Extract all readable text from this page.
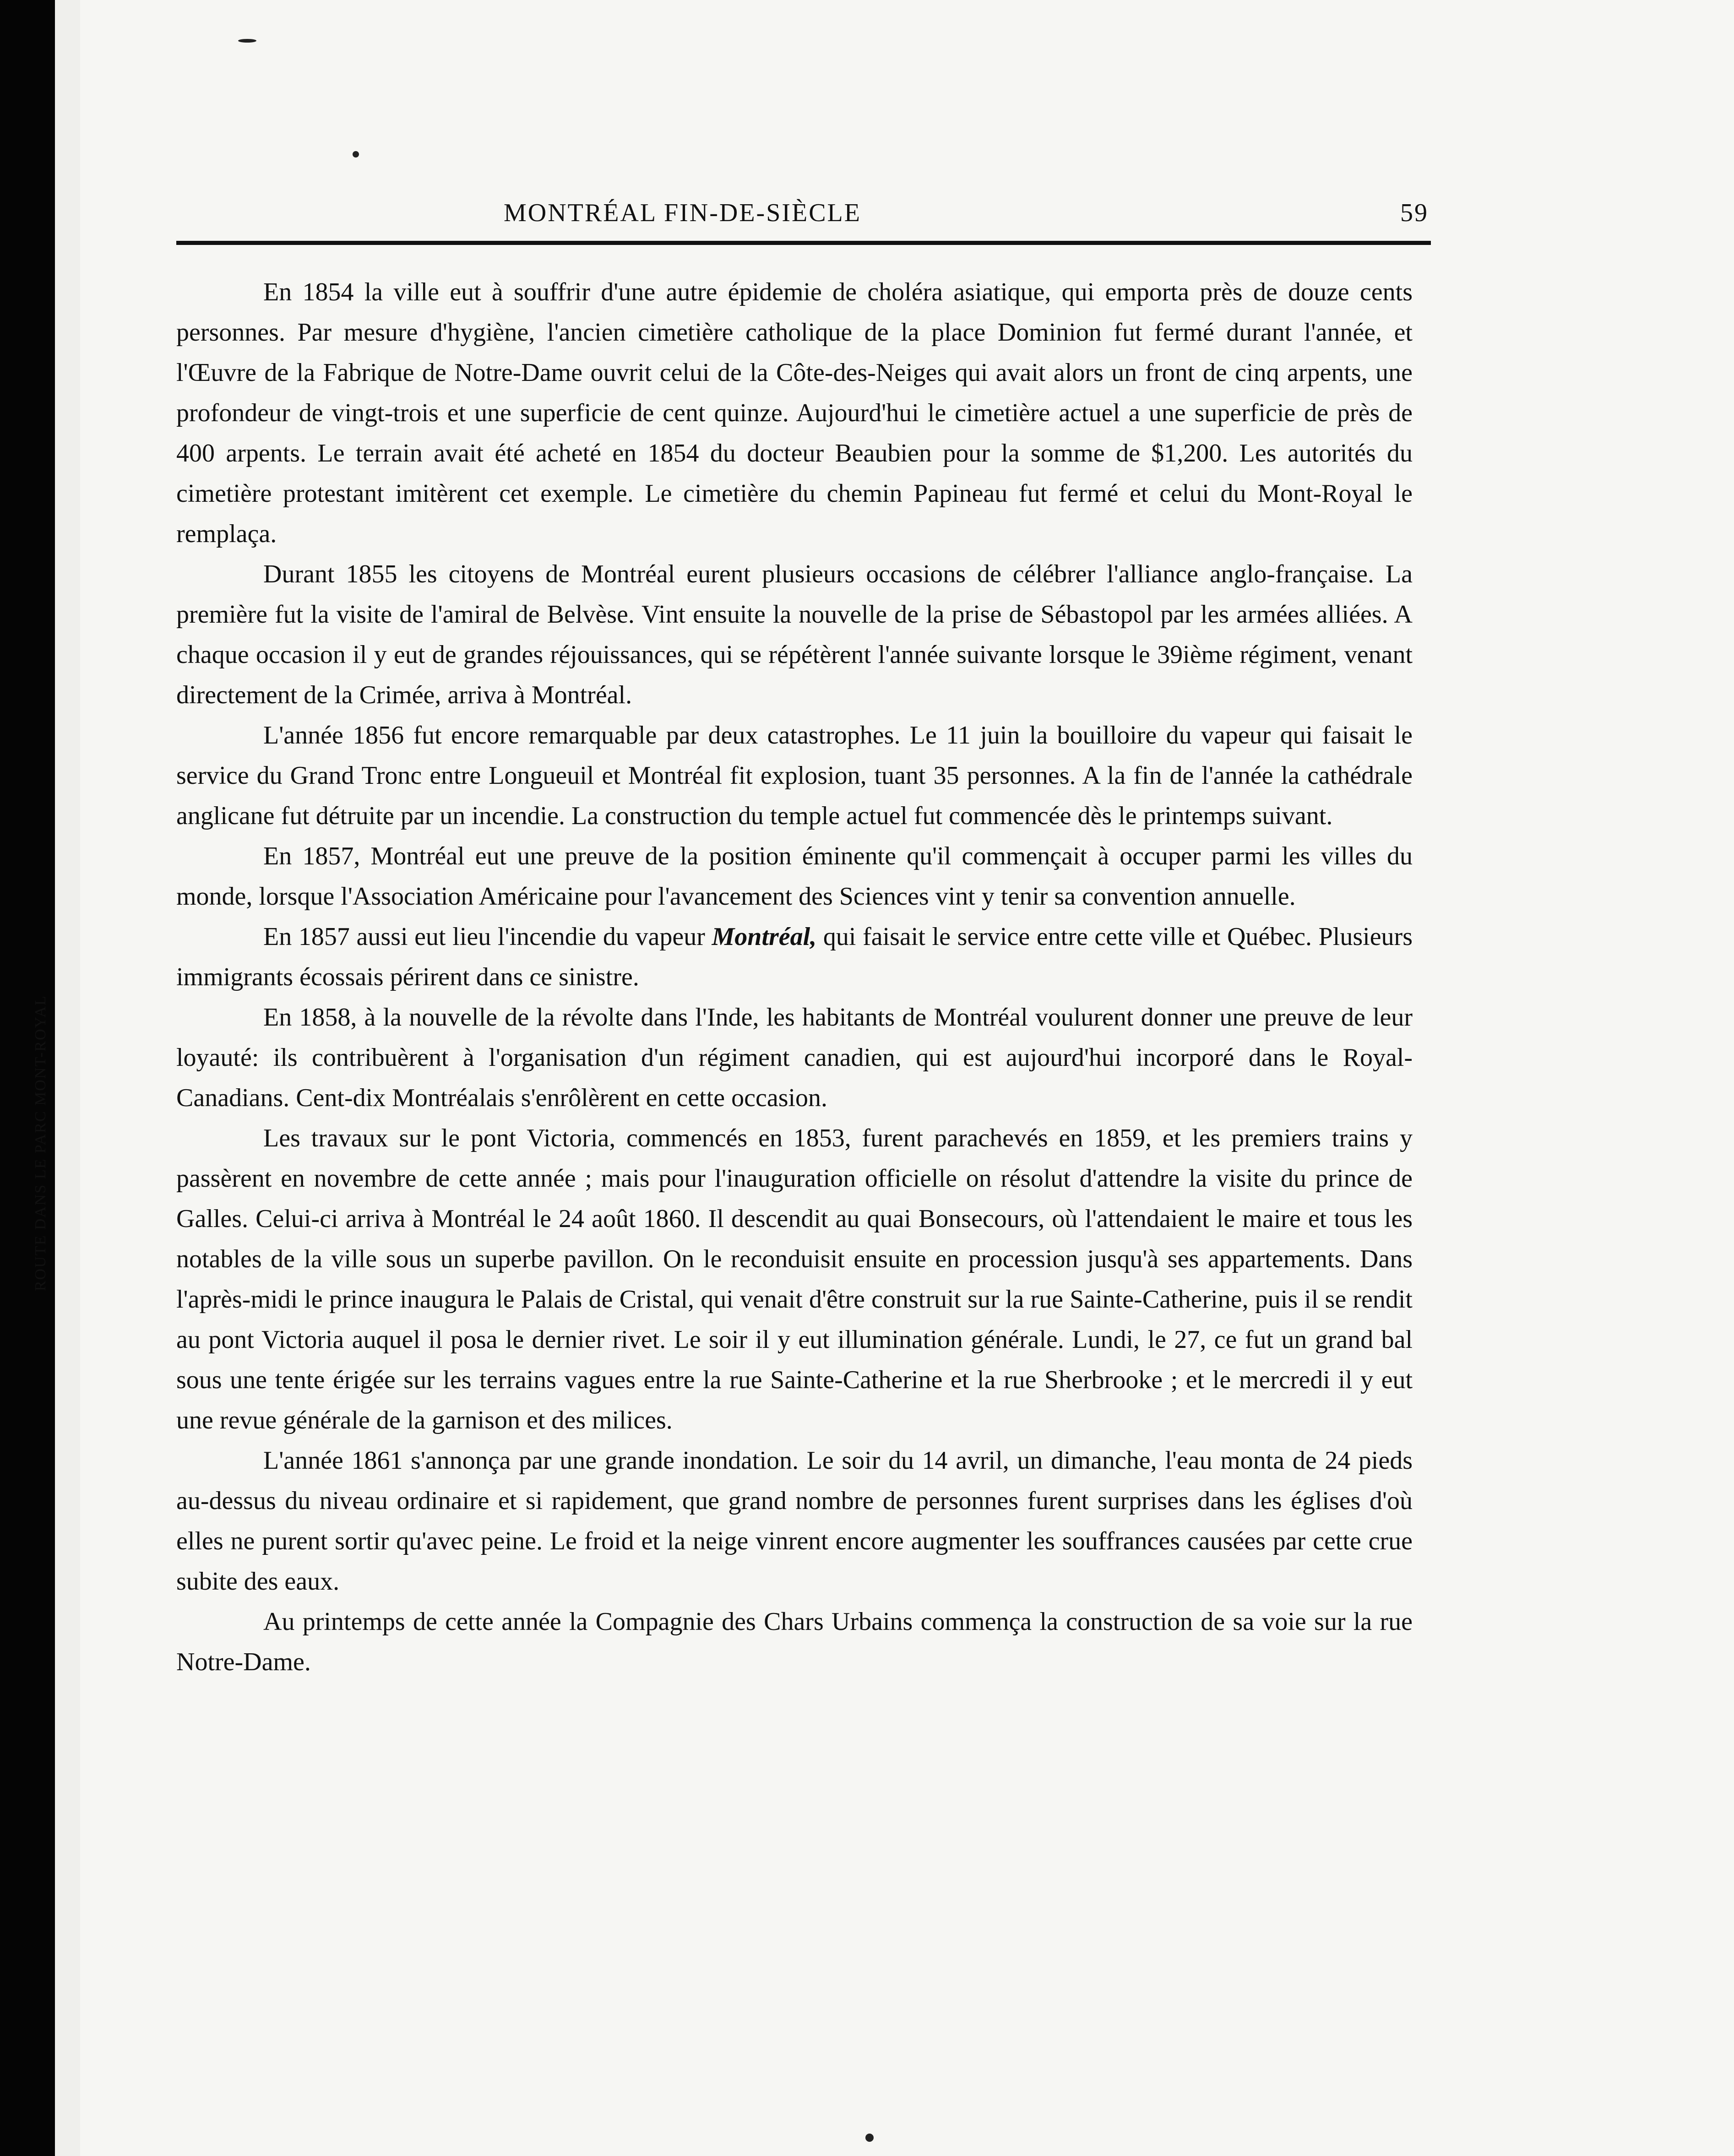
ROUTE DANS LE PARC MONT-ROYAL
MONTRÉAL FIN-DE-SIÈCLE	59

En 1854 la ville eut à souffrir d'une autre épidemie de choléra asiatique, qui emporta près de douze cents personnes. Par mesure d'hygiène, l'ancien cimetière catholique de la place Dominion fut fermé durant l'année, et l'Œuvre de la Fabrique de Notre-Dame ouvrit celui de la Côte-des-Neiges qui avait alors un front de cinq arpents, une profondeur de vingt-trois et une superficie de cent quinze. Aujourd'hui le cimetière actuel a une superficie de près de 400 arpents. Le terrain avait été acheté en 1854 du docteur Beaubien pour la somme de $1,200. Les autorités du cimetière protestant imitèrent cet exemple. Le cimetière du chemin Papineau fut fermé et celui du Mont-Royal le remplaça.

Durant 1855 les citoyens de Montréal eurent plusieurs occasions de célébrer l'alliance anglo-française. La première fut la visite de l'amiral de Belvèse. Vint ensuite la nouvelle de la prise de Sébastopol par les armées alliées. A chaque occasion il y eut de grandes réjouissances, qui se répétèrent l'année suivante lorsque le 39ième régiment, venant directement de la Crimée, arriva à Montréal.

L'année 1856 fut encore remarquable par deux catastrophes. Le 11 juin la bouilloire du vapeur qui faisait le service du Grand Tronc entre Longueuil et Montréal fit explosion, tuant 35 personnes. A la fin de l'année la cathédrale anglicane fut détruite par un incendie. La construction du temple actuel fut commencée dès le printemps suivant.

En 1857, Montréal eut une preuve de la position éminente qu'il commençait à occuper parmi les villes du monde, lorsque l'Association Américaine pour l'avancement des Sciences vint y tenir sa convention annuelle.

En 1857 aussi eut lieu l'incendie du vapeur Montréal, qui faisait le service entre cette ville et Québec. Plusieurs immigrants écossais périrent dans ce sinistre.

En 1858, à la nouvelle de la révolte dans l'Inde, les habitants de Montréal voulurent donner une preuve de leur loyauté: ils contribuèrent à l'organisation d'un régiment canadien, qui est aujourd'hui incorporé dans le Royal-Canadians. Cent-dix Montréalais s'enrôlèrent en cette occasion.

Les travaux sur le pont Victoria, commencés en 1853, furent parachevés en 1859, et les premiers trains y passèrent en novembre de cette année ; mais pour l'inauguration officielle on résolut d'attendre la visite du prince de Galles. Celui-ci arriva à Montréal le 24 août 1860. Il descendit au quai Bonsecours, où l'attendaient le maire et tous les notables de la ville sous un superbe pavillon. On le reconduisit ensuite en procession jusqu'à ses appartements. Dans l'après-midi le prince inaugura le Palais de Cristal, qui venait d'être construit sur la rue Sainte-Catherine, puis il se rendit au pont Victoria auquel il posa le dernier rivet. Le soir il y eut illumination générale. Lundi, le 27, ce fut un grand bal sous une tente érigée sur les terrains vagues entre la rue Sainte-Catherine et la rue Sherbrooke ; et le mercredi il y eut une revue générale de la garnison et des milices.

L'année 1861 s'annonça par une grande inondation. Le soir du 14 avril, un dimanche, l'eau monta de 24 pieds au-dessus du niveau ordinaire et si rapidement, que grand nombre de personnes furent surprises dans les églises d'où elles ne purent sortir qu'avec peine. Le froid et la neige vinrent encore augmenter les souffrances causées par cette crue subite des eaux.

Au printemps de cette année la Compagnie des Chars Urbains commença la construction de sa voie sur la rue Notre-Dame.
